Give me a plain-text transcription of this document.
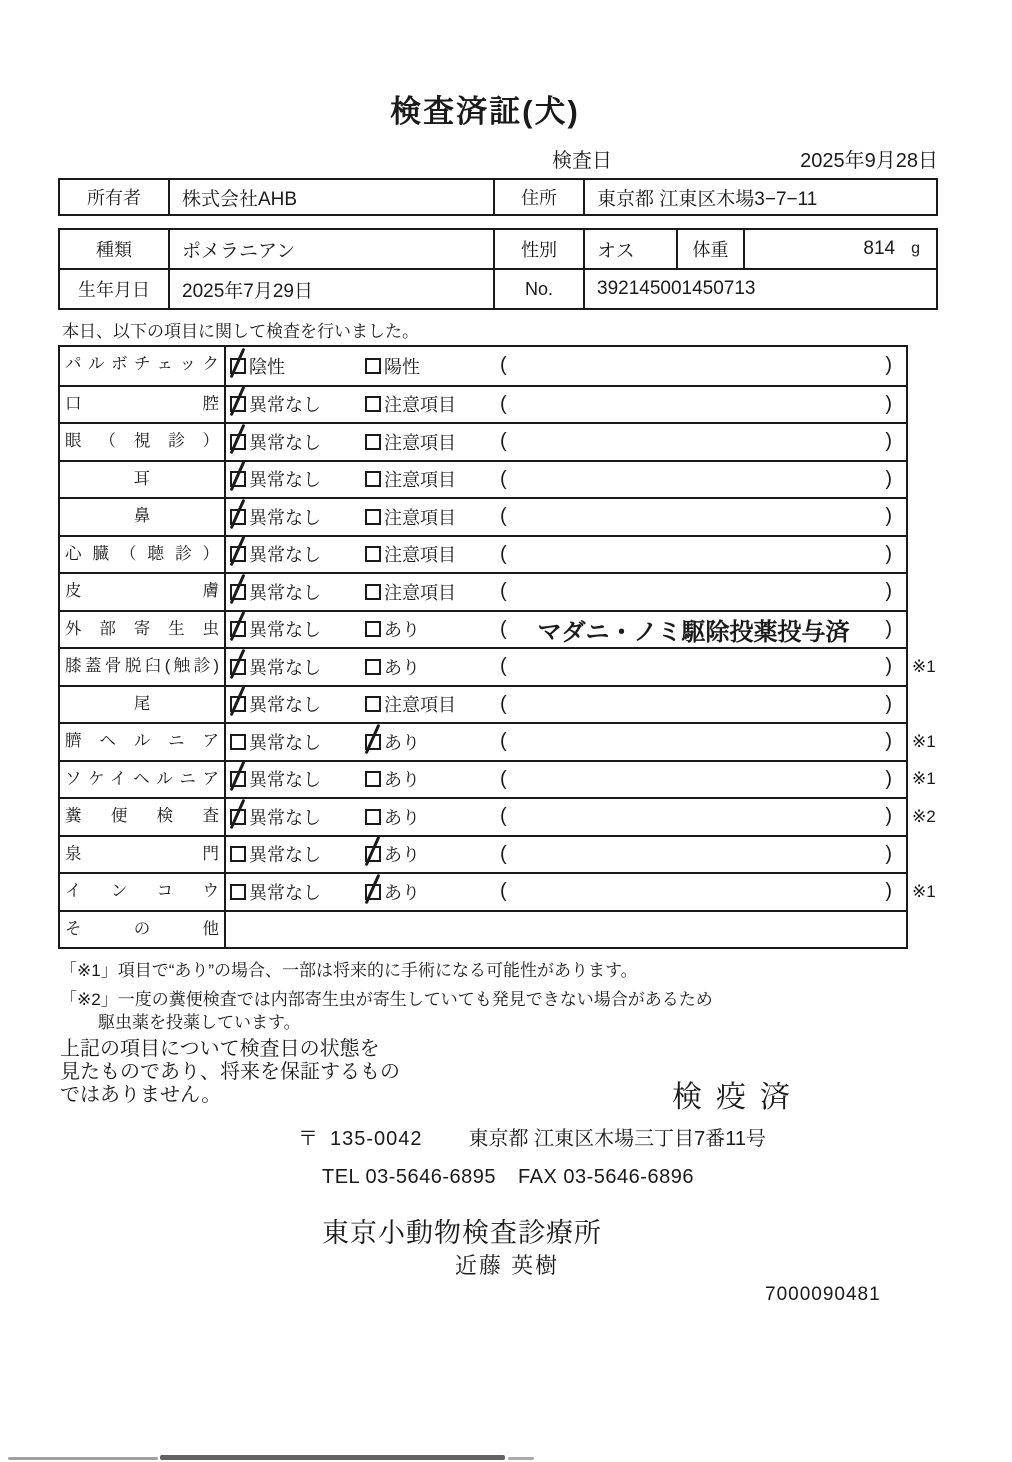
検査済証(犬)
検査日	2025年9月28日
所有者	株式会社AHB	住所	東京都 江東区木場3−7−11
種類	ポメラニアン	性別	オス	体重	814 g
生年月日	2025年7月29日	No.	392145001450713
本日、以下の項目に関して検査を行いました。
パルボチェック	陰性	陽性	(	)
口腔	異常なし	注意項目 (	)
眼（視診）	異常なし	注意項目 (	)
耳	異常なし	注意項目 (	)
鼻	異常なし	注意項目 (	)
心臓（聴診）	異常なし	注意項目 (	)
皮膚	異常なし	注意項目 (	)
外部寄生虫	異常なし	あり	(	マダニ・ノミ駆除投薬投与済	)
膝蓋骨脱臼(触診)	異常なし	あり	(	) ※1
尾	異常なし	注意項目 (	)
臍ヘルニア	異常なし	あり	(	) ※1
ソケイヘルニア	異常なし	あり	(	) ※1
糞便検査	異常なし	あり	(	) ※2
泉門	異常なし	あり	(	)
インコウ	異常なし	あり	(	) ※1
その他
「※1」項目で“あり”の場合、一部は将来的に手術になる可能性があります。
「※2」一度の糞便検査では内部寄生虫が寄生していても発見できない場合があるため
駆虫薬を投薬しています。
上記の項目について検査日の状態を
見たものであり、将来を保証するもの
ではありません。	検疫済
〒 135-0042 東京都 江東区木場三丁目7番11号
TEL 03-5646-6895 FAX 03-5646-6896
東京小動物検査診療所
近藤 英樹
7000090481
